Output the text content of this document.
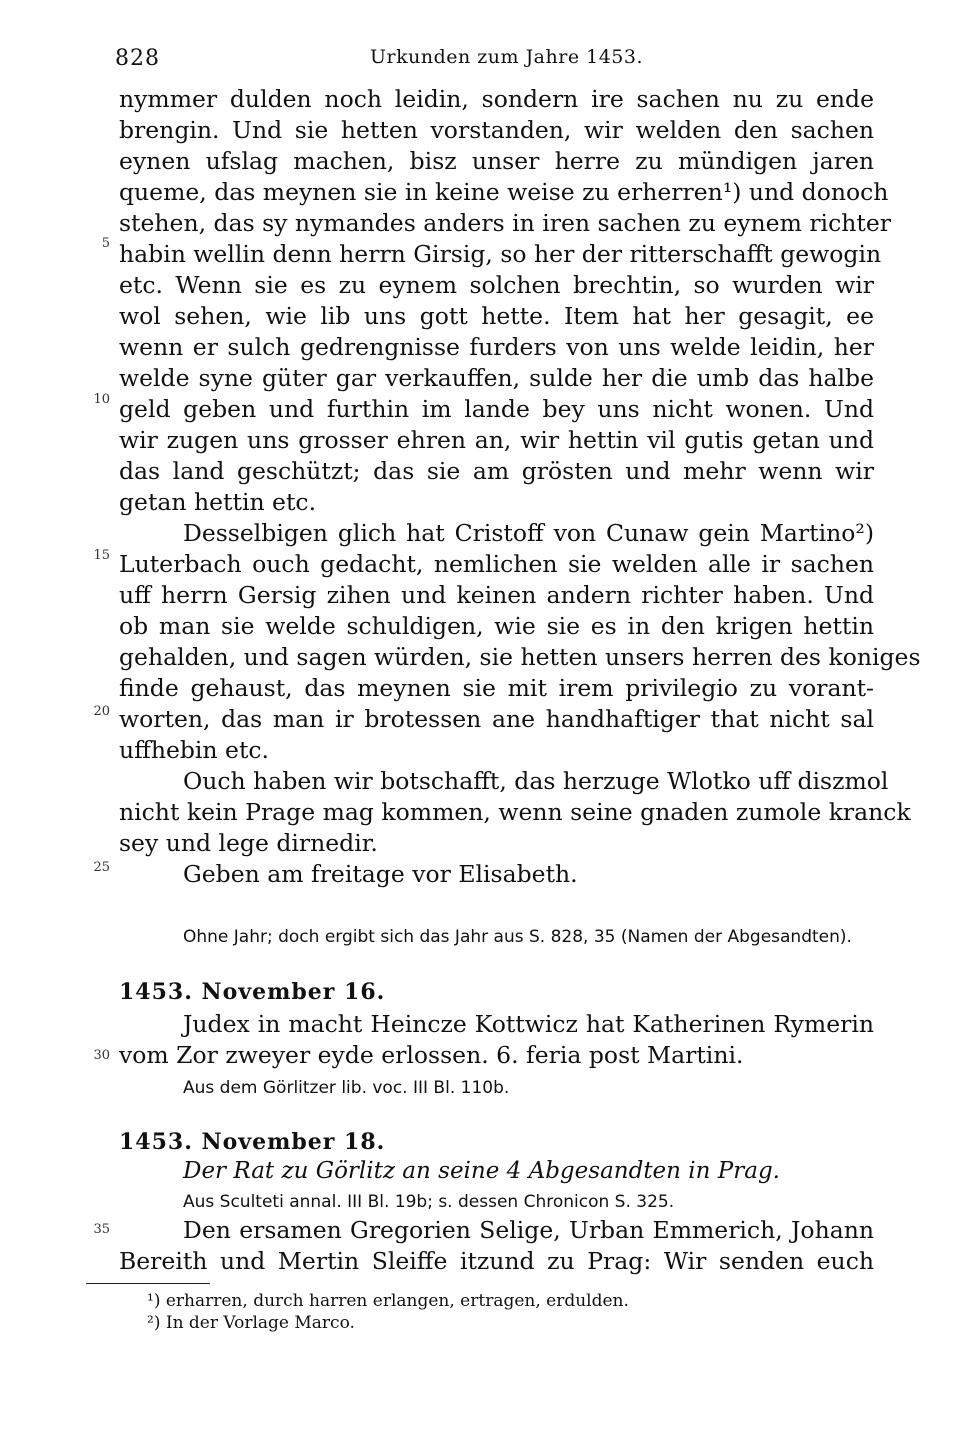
828	Urkunden zum Jahre 1453.
5
10
15
20
25
30
35
nymmer dulden noch leidin, sondern ire sachen nu zu ende
brengin. Und sie hetten vorstanden, wir welden den sachen
eynen ufslag machen, bisz unser herre zu mündigen jaren
queme, das meynen sie in keine weise zu erherren¹) und donoch
stehen, das sy nymandes anders in iren sachen zu eynem richter
habin wellin denn herrn Girsig, so her der ritterschafft gewogin
etc. Wenn sie es zu eynem solchen brechtin, so wurden wir
wol sehen, wie lib uns gott hette. Item hat her gesagit, ee
wenn er sulch gedrengnisse furders von uns welde leidin, her
welde syne güter gar verkauffen, sulde her die umb das halbe
geld geben und furthin im lande bey uns nicht wonen. Und
wir zugen uns grosser ehren an, wir hettin vil gutis getan und
das land geschützt; das sie am grösten und mehr wenn wir
getan hettin etc.
Desselbigen glich hat Cristoff von Cunaw gein Martino²)
Luterbach ouch gedacht, nemlichen sie welden alle ir sachen
uff herrn Gersig zihen und keinen andern richter haben. Und
ob man sie welde schuldigen, wie sie es in den krigen hettin
gehalden, und sagen würden, sie hetten unsers herren des koniges
finde gehaust, das meynen sie mit irem privilegio zu vorant-
worten, das man ir brotessen ane handhaftiger that nicht sal
uffhebin etc.
Ouch haben wir botschafft, das herzuge Wlotko uff diszmol
nicht kein Prage mag kommen, wenn seine gnaden zumole kranck
sey und lege dirnedir.
Geben am freitage vor Elisabeth.
Ohne Jahr; doch ergibt sich das Jahr aus S. 828, 35 (Namen der Abgesandten).
1453. November 16.
Judex in macht Heincze Kottwicz hat Katherinen Rymerin
vom Zor zweyer eyde erlossen. 6. feria post Martini.
Aus dem Görlitzer lib. voc. III Bl. 110b.
1453. November 18.
Der Rat zu Görlitz an seine 4 Abgesandten in Prag.
Aus Sculteti annal. III Bl. 19b; s. dessen Chronicon S. 325.
Den ersamen Gregorien Selige, Urban Emmerich, Johann
Bereith und Mertin Sleiffe itzund zu Prag: Wir senden euch
¹) erharren, durch harren erlangen, ertragen, erdulden.
²) In der Vorlage Marco.
